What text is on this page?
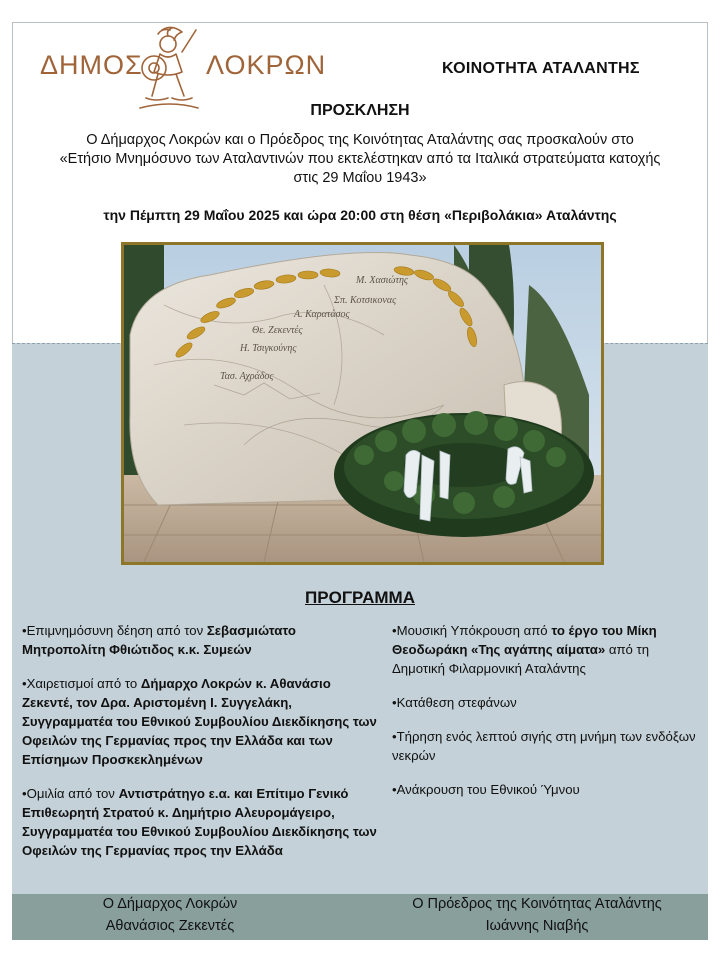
ΔΗΜΟΣ ΛΟΚΡΩΝ	ΚΟΙΝΟΤΗΤΑ ΑΤΑΛΑΝΤΗΣ
ΠΡΟΣΚΛΗΣΗ
Ο Δήμαρχος Λοκρών και ο Πρόεδρος της Κοινότητας Αταλάντης σας προσκαλούν στο
«Ετήσιο Μνημόσυνο των Αταλαντινών που εκτελέστηκαν από τα Ιταλικά στρατεύματα κατοχής
στις 29 Μαΐου 1943»
την Πέμπτη 29 Μαΐου 2025 και ώρα 20:00 στη θέση «Περιβολάκια» Αταλάντης
Μ. Χασιώτης
Σπ. Κοτσικονας
Α. Καρατάσος
Θε. Ζεκεντές
Η. Τσιγκούνης
Τασ. Αχράδος
ΠΡΟΓΡΑΜΜΑ
•Επιμνημόσυνη δέηση από τον Σεβασμιώτατο Μητροπολίτη Φθιώτιδος κ.κ. Συμεών
•Χαιρετισμοί από το Δήμαρχο Λοκρών κ. Αθανάσιο Ζεκεντέ, τον Δρα. Αριστομένη Ι. Συγγελάκη, Συγγραμματέα του Εθνικού Συμβουλίου Διεκδίκησης των Οφειλών της Γερμανίας προς την Ελλάδα και των Επίσημων Προσκεκλημένων
•Ομιλία από τον Αντιστράτηγο ε.α. και Επίτιμο Γενικό Επιθεωρητή Στρατού κ. Δημήτριο Αλευρομάγειρο, Συγγραμματέα του Εθνικού Συμβουλίου Διεκδίκησης των Οφειλών της Γερμανίας προς την Ελλάδα
•Μουσική Υπόκρουση από το έργο του Μίκη Θεοδωράκη «Της αγάπης αίματα» από τη Δημοτική Φιλαρμονική Αταλάντης
•Κατάθεση στεφάνων
•Τήρηση ενός λεπτού σιγής στη μνήμη των ενδόξων νεκρών
•Ανάκρουση του Εθνικού Ύμνου
Ο Δήμαρχος Λοκρών
Αθανάσιος Ζεκεντές
Ο Πρόεδρος της Κοινότητας Αταλάντης
Ιωάννης Νιαβής
